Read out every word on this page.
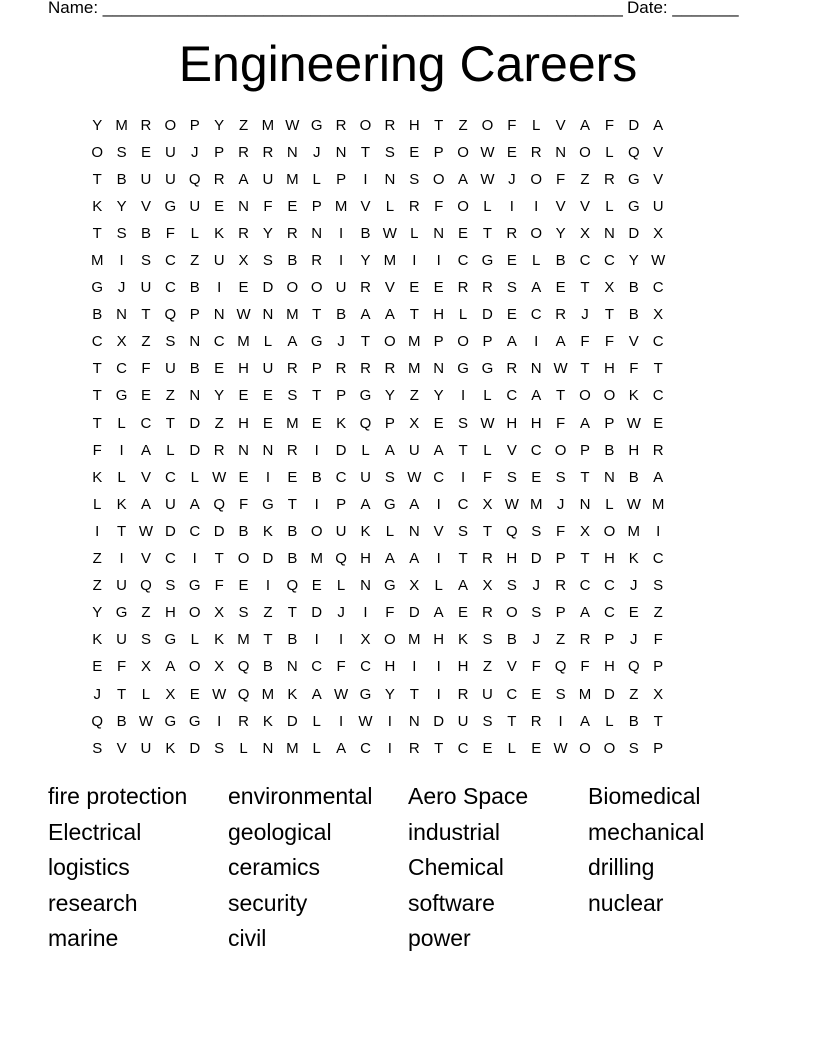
Name: _______________________________________________________ Date: _______
Engineering Careers
Y M R O P Y Z M W G R O R H T	Z O F	L	V A F D A
O S E U	J	P R R N	J	N T S E P O W E R N O L Q V
T B U U Q R A U M L	P	I	N S O A W J O F	Z R G V
K Y V G U E N F E P M V	L R F O L	I	I	V V	L G U
T S B F	L	K R Y R N	I	B W L N E T R O Y X N D X
M	I	S C Z U X S B R	I	Y M	I	I	C G E	L	B C C Y W
G J	U C B	I	E D O O U R V E E R R S A E T X B C
B N T Q P N W N M T B A A T H L D E C R	J	T B X
C X Z S N C M L	A G J	T O M P O P A	I	A F	F V C
T C F U B E H U R P R R R M N G G R N W T H F	T
T G E Z N Y E E S T P G Y Z Y	I	L C A T O O K C
T	L C T D Z H E M E K Q P X E S W H H F A P W E
F	I	A	L D R N N R	I	D L	A U A T	L	V C O P B H R
K	L	V C L W E	I	E B C U S W C	I	F S E S T N B A
L	K A U A Q F G T	I	P A G A	I	C X W M J	N L W M
I	T W D C D B K B O U K	L N V S T Q S F X O M	I
Z	I	V C	I	T O D B M Q H A A	I	T R H D P T H K C
Z U Q S G F E	I	Q E	L N G X	L	A X S	J	R C C	J	S
Y G Z H O X S Z	T D	J	I	F D A E R O S P A C E Z
K U S G L	K M T B	I	I	X O M H K S B	J	Z R P	J	F
E F X A O X Q B N C F C H	I	I	H Z V F Q F H Q P
J	T	L	X E W Q M K A W G Y T	I	R U C E S M D Z X
Q B W G G	I	R K D L	I	W	I	N D U S T R	I	A	L	B T
S V U K D S	L N M L	A C	I	R T C E	L	E W O O S P
fire protection	environmental	Aero Space	Biomedical
Electrical	geological	industrial	mechanical
logistics	ceramics	Chemical	drilling
research	security	software	nuclear
marine	civil	power
